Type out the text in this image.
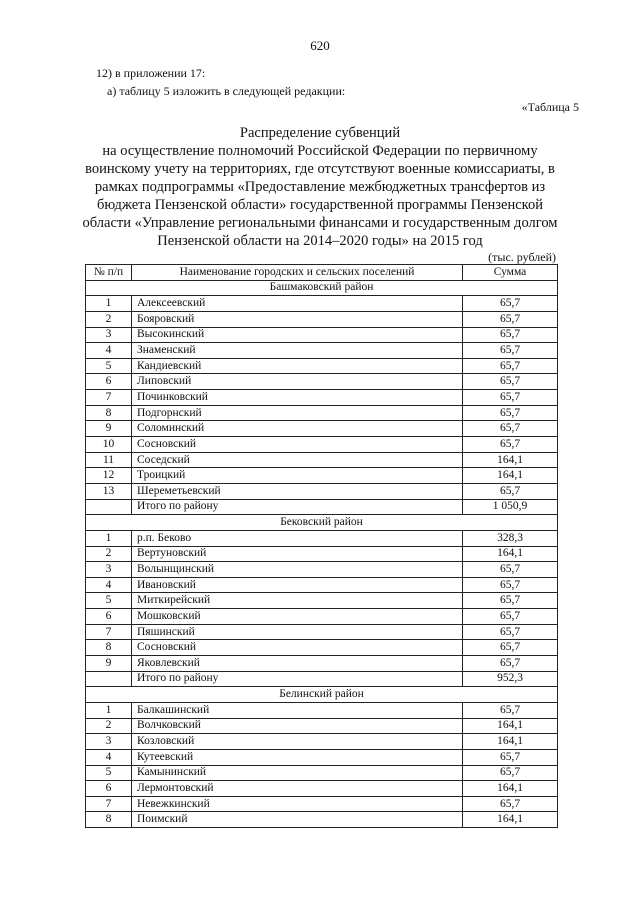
620
12) в приложении 17:
а) таблицу 5 изложить в следующей редакции:
«Таблица 5
Распределение субвенций
на осуществление полномочий Российской Федерации по первичному
воинскому учету на территориях, где отсутствуют военные комиссариаты, в
рамках подпрограммы «Предоставление межбюджетных трансфертов из
бюджета Пензенской области» государственной программы Пензенской
области «Управление региональными финансами и государственным долгом
Пензенской области на 2014–2020 годы» на 2015 год
(тыс. рублей)
№ п/п	Наименование городских и сельских поселений	Сумма
Башмаковский район		
1	Алексеевский	65,7
2	Бояровский	65,7
3	Высокинский	65,7
4	Знаменский	65,7
5	Кандиевский	65,7
6	Липовский	65,7
7	Починковский	65,7
8	Подгорнский	65,7
9	Соломинский	65,7
10	Сосновский	65,7
11	Соседский	164,1
12	Троицкий	164,1
13	Шереметьевский	65,7
	Итого по району	1 050,9
Бековский район		
1	р.п. Беково	328,3
2	Вертуновский	164,1
3	Волынщинский	65,7
4	Ивановский	65,7
5	Миткирейский	65,7
6	Мошковский	65,7
7	Пяшинский	65,7
8	Сосновский	65,7
9	Яковлевский	65,7
	Итого по району	952,3
Белинский район		
1	Балкашинский	65,7
2	Волчковский	164,1
3	Козловский	164,1
4	Кутеевский	65,7
5	Камынинский	65,7
6	Лермонтовский	164,1
7	Невежкинский	65,7
8	Поимский	164,1
